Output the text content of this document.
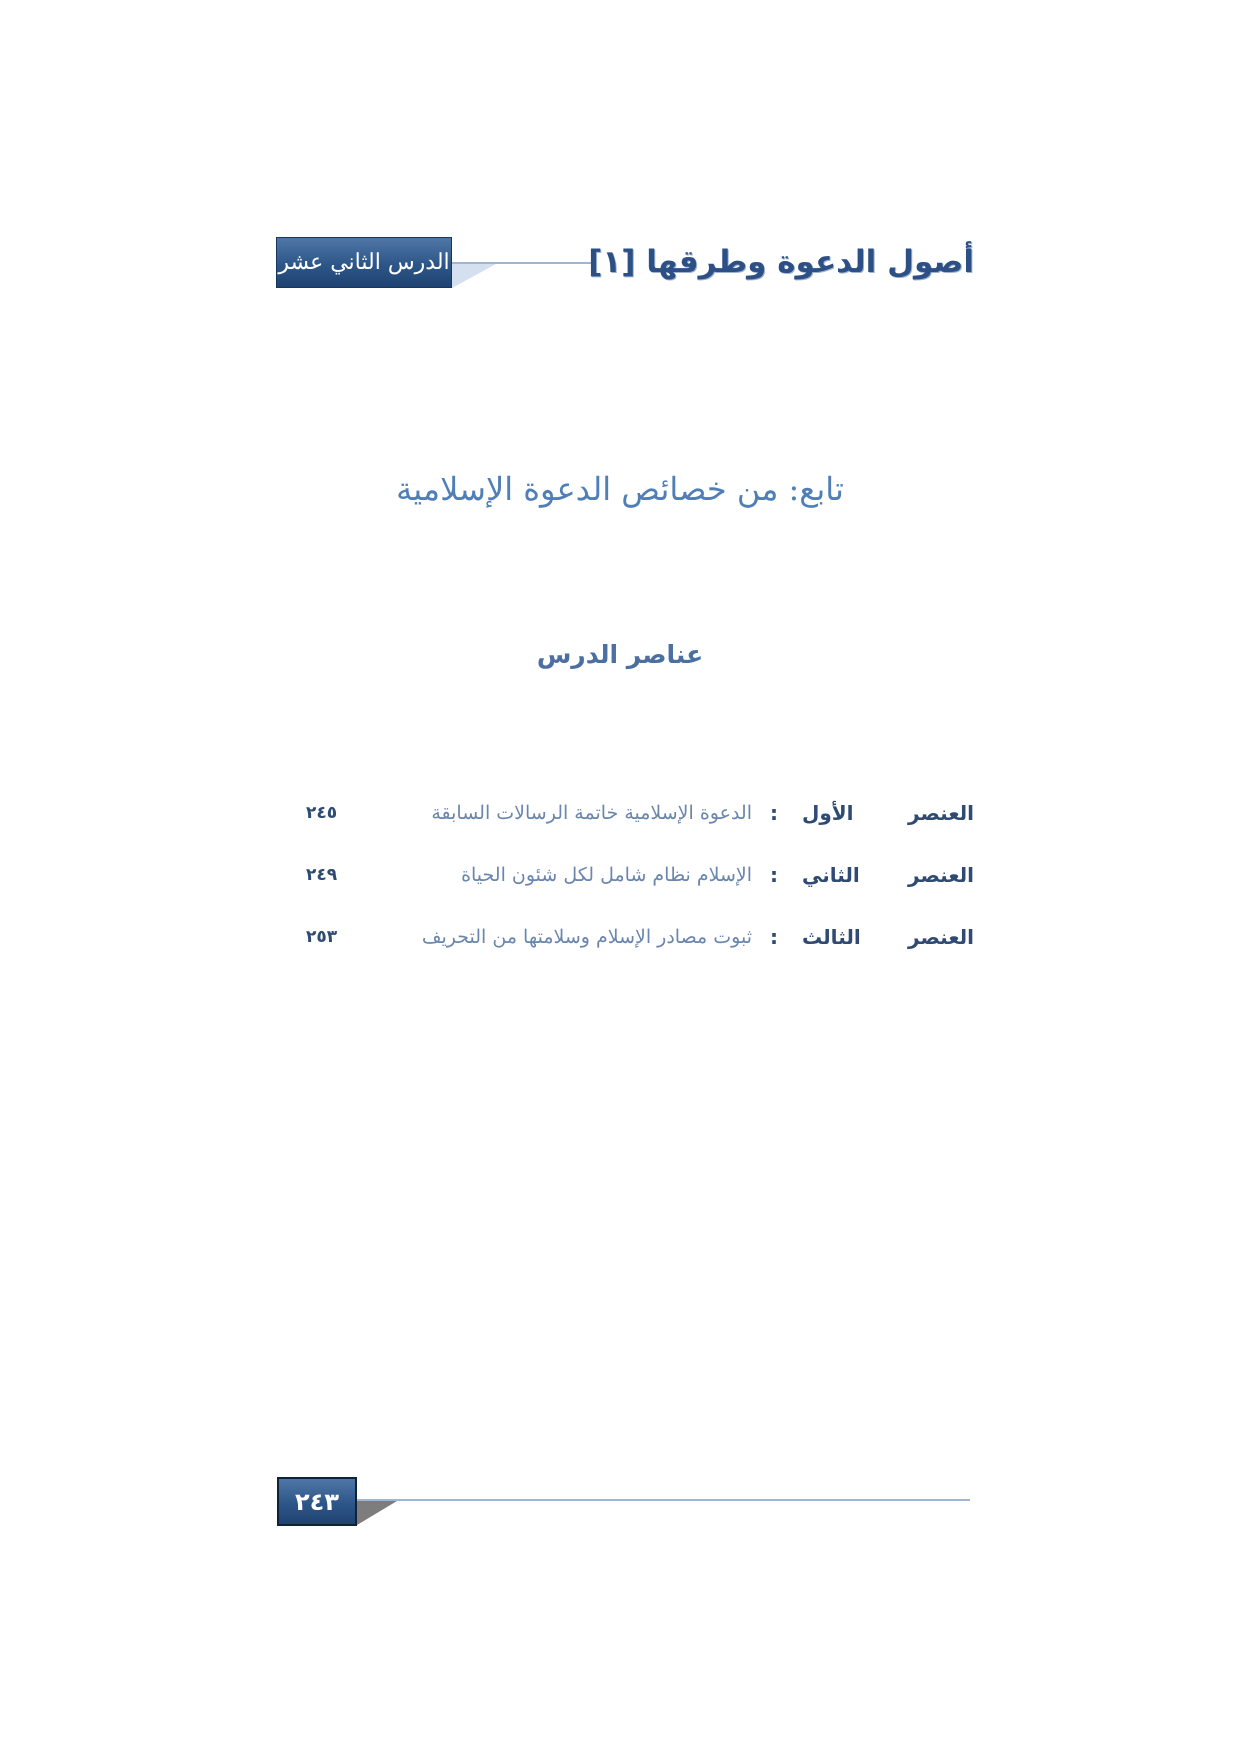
الدرس الثاني عشر	أصول الدعوة وطرقها [١]
تابع: من خصائص الدعوة الإسلامية
عناصر الدرس
العنصر الأول
:
الدعوة الإسلامية خاتمة الرسالات السابقة
٢٤٥
العنصر الثاني
:
الإسلام نظام شامل لكل شئون الحياة
٢٤٩
العنصر الثالث
:
ثبوت مصادر الإسلام وسلامتها من التحريف
٢٥٣
٢٤٣
